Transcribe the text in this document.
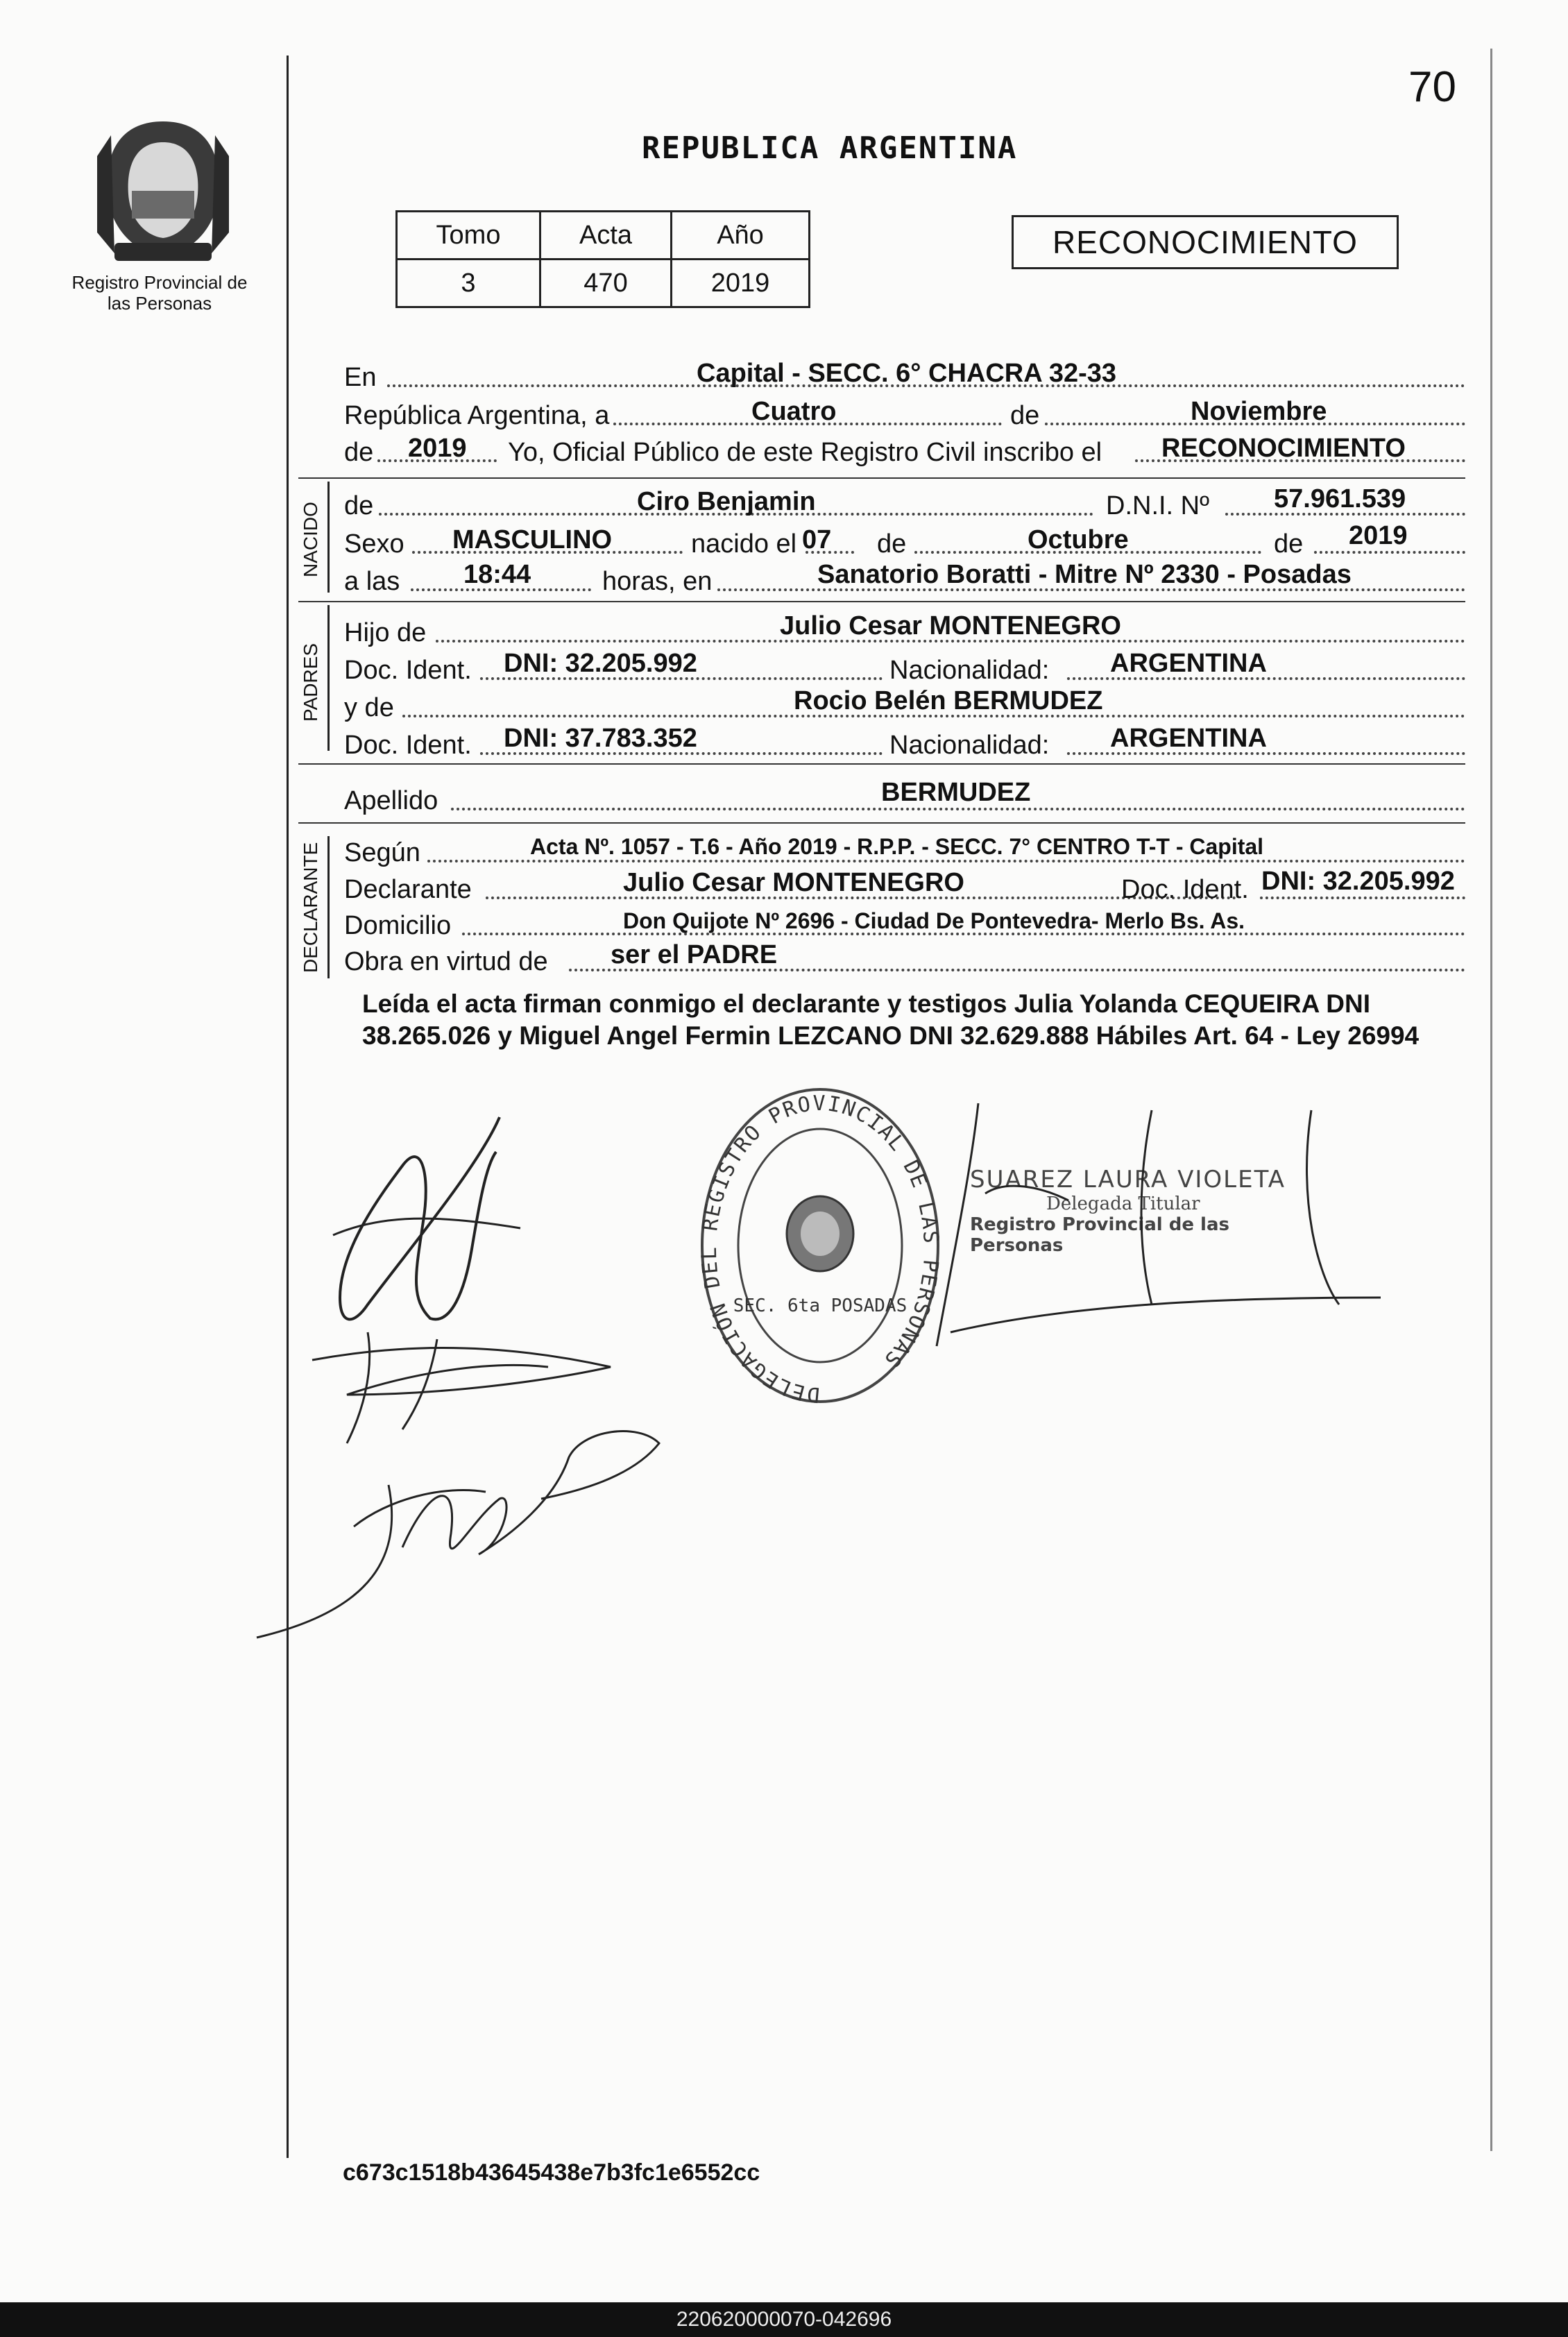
70
Registro Provincial de las Personas
REPUBLICA ARGENTINA
Tomo	Acta	Año
3	470	2019
RECONOCIMIENTO
En	Capital - SECC. 6° CHACRA 32-33
República Argentina, a	Cuatro	de	Noviembre
de 2019 Yo, Oficial Público de este Registro Civil inscribo el RECONOCIMIENTO
NACIDO de	Ciro Benjamin	D.N.I. Nº 57.961.539
Sexo MASCULINO	nacido el 07 de	Octubre	de 2019
a las 18:44	horas, en	Sanatorio Boratti - Mitre Nº 2330 - Posadas
PADRES
Hijo de	Julio Cesar MONTENEGRO
Doc. Ident. DNI: 32.205.992	Nacionalidad: ARGENTINA
y de	Rocio Belén BERMUDEZ
Doc. Ident. DNI: 37.783.352	Nacionalidad: ARGENTINA
Apellido	BERMUDEZ
DECLARANTE Según	Acta Nº. 1057 - T.6 - Año 2019 - R.P.P. - SECC. 7° CENTRO T-T - Capital
Declarante	Julio Cesar MONTENEGRO	Doc. Ident. DNI: 32.205.992
Domicilio	Don Quijote Nº 2696 - Ciudad De Pontevedra- Merlo Bs. As.
Obra en virtud de ser el PADRE
Leída el acta firman conmigo el declarante y testigos Julia Yolanda CEQUEIRA DNI 38.265.026 y Miguel Angel Fermin LEZCANO DNI 32.629.888 Hábiles Art. 64 - Ley 26994
DELEGACIÓN DEL REGISTRO PROVINCIAL DE LAS PERSONAS
SEC. 6ta POSADAS
SUAREZ LAURA VIOLETA
Delegada Titular
Registro Provincial de las Personas
c673c1518b43645438e7b3fc1e6552cc
220620000070-042696
